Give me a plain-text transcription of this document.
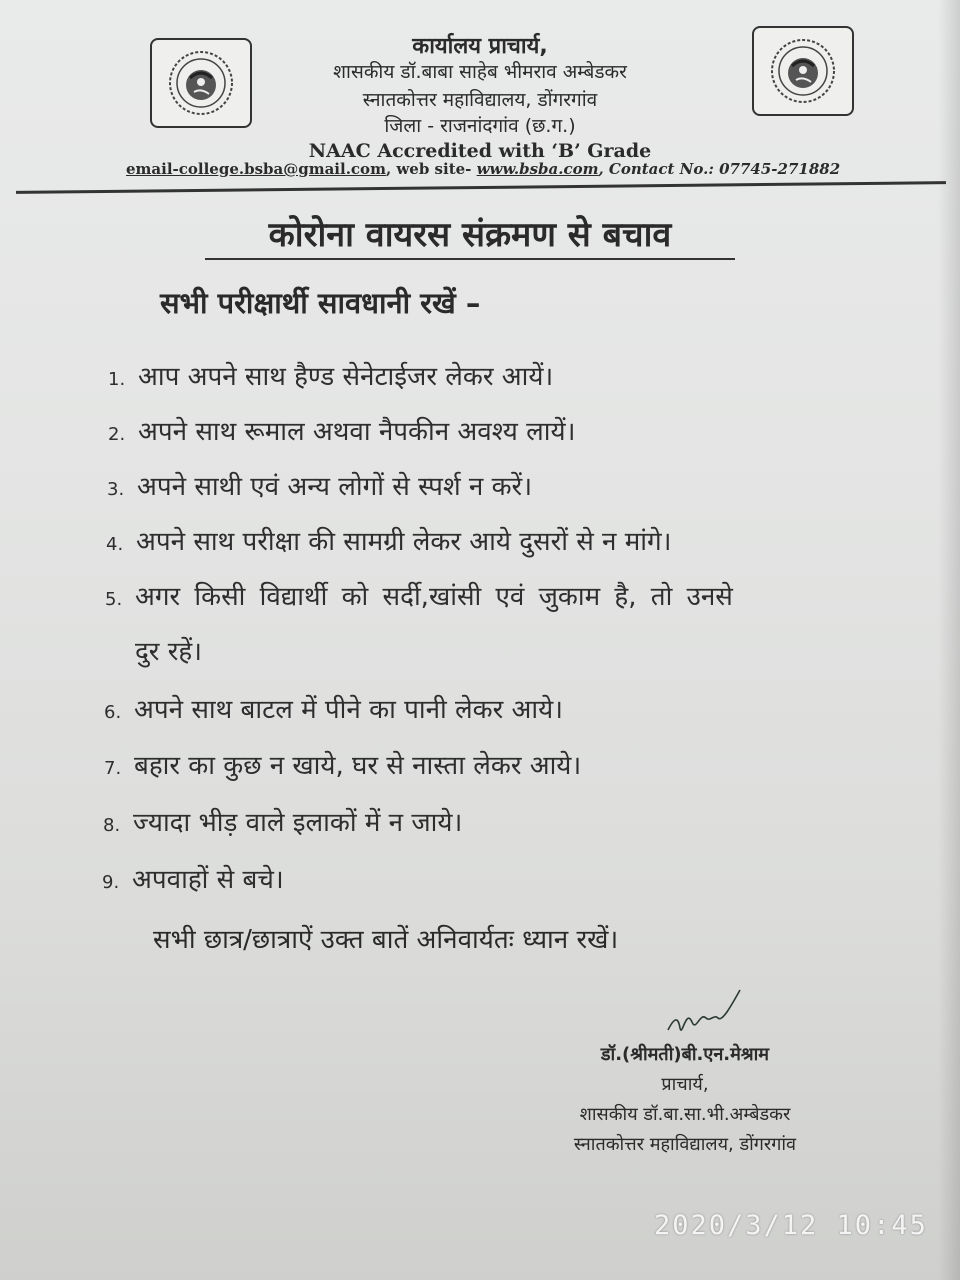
कार्यालय प्राचार्य,
शासकीय डॉ.बाबा साहेब भीमराव अम्बेडकर
स्नातकोत्तर महाविद्यालय, डोंगरगांव
जिला - राजनांदगांव (छ.ग.)
NAAC Accredited with ‘B’ Grade
email-college.bsba@gmail.com, web site- www.bsba.com, Contact No.: 07745-271882
कोरोना वायरस संक्रमण से बचाव
सभी परीक्षार्थी सावधानी रखें –
1. आप अपने साथ हैण्ड सेनेटाईजर लेकर आयें।
2. अपने साथ रूमाल अथवा नैपकीन अवश्य लायें।
3. अपने साथी एवं अन्य लोगों से स्पर्श न करें।
4. अपने साथ परीक्षा की सामग्री लेकर आये दुसरों से न मांगे।
5. अगर किसी विद्यार्थी को सर्दी,खांसी एवं जुकाम है, तो उनसे
दुर रहें।
6. अपने साथ बाटल में पीने का पानी लेकर आये।
7. बहार का कुछ न खाये, घर से नास्ता लेकर आये।
8. ज्यादा भीड़ वाले इलाकों में न जाये।
9. अपवाहों से बचे।
सभी छात्र/छात्राऐं उक्त बातें अनिवार्यतः ध्यान रखें।
डॉ.(श्रीमती)बी.एन.मेश्राम
प्राचार्य,
शासकीय डॉ.बा.सा.भी.अम्बेडकर
स्नातकोत्तर महाविद्यालय, डोंगरगांव
2020/3/12 10:45
